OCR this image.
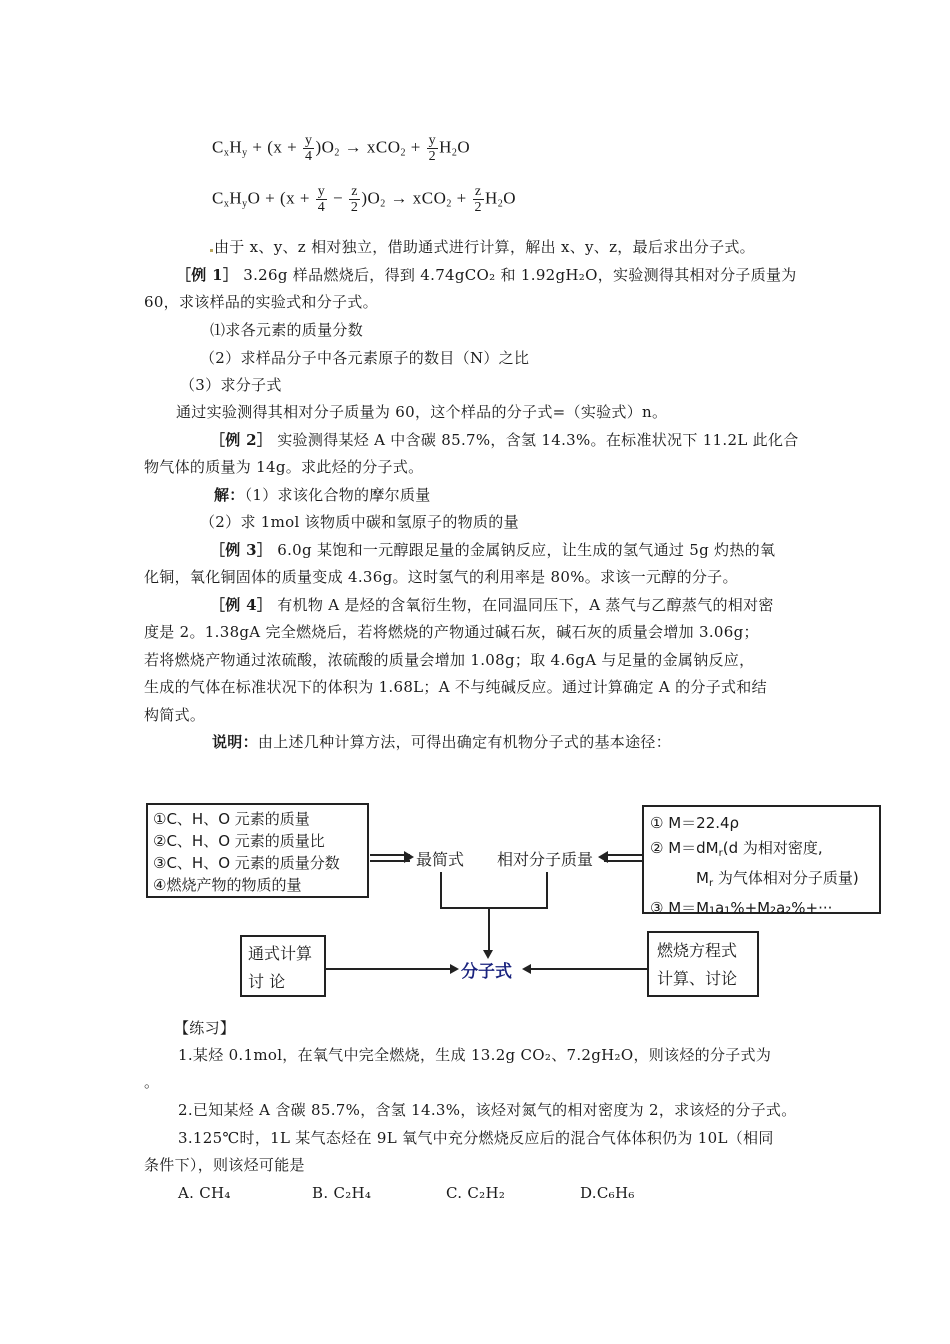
$C_xH_y + (x + \frac{y}{4} )O_2 \to xCO_2 + \frac{y}{2} H_2O$
$C_xH_yO + (x + \frac{y}{4} - \frac{z}{2} )O_2 \to xCO_2 + \frac{z}{2} H_2O$
由于 x、y、z 相对独立，借助通式进行计算，解出 x、y、z，最后求出分子式。
［例 1］ 3.26g 样品燃烧后，得到 4.74gCO₂ 和 1.92gH₂O，实验测得其相对分子质量为
60，求该样品的实验式和分子式。
⑴求各元素的质量分数
（2）求样品分子中各元素原子的数目（N）之比
（3）求分子式
通过实验测得其相对分子质量为 60，这个样品的分子式=（实验式）n。
［例 2］ 实验测得某烃 A 中含碳 85.7%，含氢 14.3%。在标准状况下 11.2L 此化合
物气体的质量为 14g。求此烃的分子式。
解：（1）求该化合物的摩尔质量
（2）求 1mol 该物质中碳和氢原子的物质的量
［例 3］ 6.0g 某饱和一元醇跟足量的金属钠反应，让生成的氢气通过 5g 灼热的氧
化铜，氧化铜固体的质量变成 4.36g。这时氢气的利用率是 80%。求该一元醇的分子。
［例 4］ 有机物 A 是烃的含氧衍生物，在同温同压下，A 蒸气与乙醇蒸气的相对密
度是 2。1.38gA 完全燃烧后，若将燃烧的产物通过碱石灰，碱石灰的质量会增加 3.06g；
若将燃烧产物通过浓硫酸，浓硫酸的质量会增加 1.08g；取 4.6gA 与足量的金属钠反应，
生成的气体在标准状况下的体积为 1.68L；A 不与纯碱反应。通过计算确定 A 的分子式和结
构简式。
说明：由上述几种计算方法，可得出确定有机物分子式的基本途径：
①C、H、O 元素的质量
②C、H、O 元素的质量比
③C、H、O 元素的质量分数
④燃烧产物的物质的量
最简式 相对分子质量
① M＝22.4ρ
② $M=dM_r(d$ 为相对密度,
$M_r$ 为气体相对分子质量)
③ M＝M₁a₁%+M₂a₂%+···
通式计算
讨 论	分子式
燃烧方程式
计算、讨论
【练习】
1.某烃 0.1mol，在氧气中完全燃烧，生成 13.2g CO₂、7.2gH₂O，则该烃的分子式为
。
2.已知某烃 A 含碳 85.7%，含氢 14.3%，该烃对氮气的相对密度为 2，求该烃的分子式。
3.125℃时，1L 某气态烃在 9L 氧气中充分燃烧反应后的混合气体体积仍为 10L（相同
条件下），则该烃可能是
A. CH₄	B. C₂H₄	C. C₂H₂	D.C₆H₆
